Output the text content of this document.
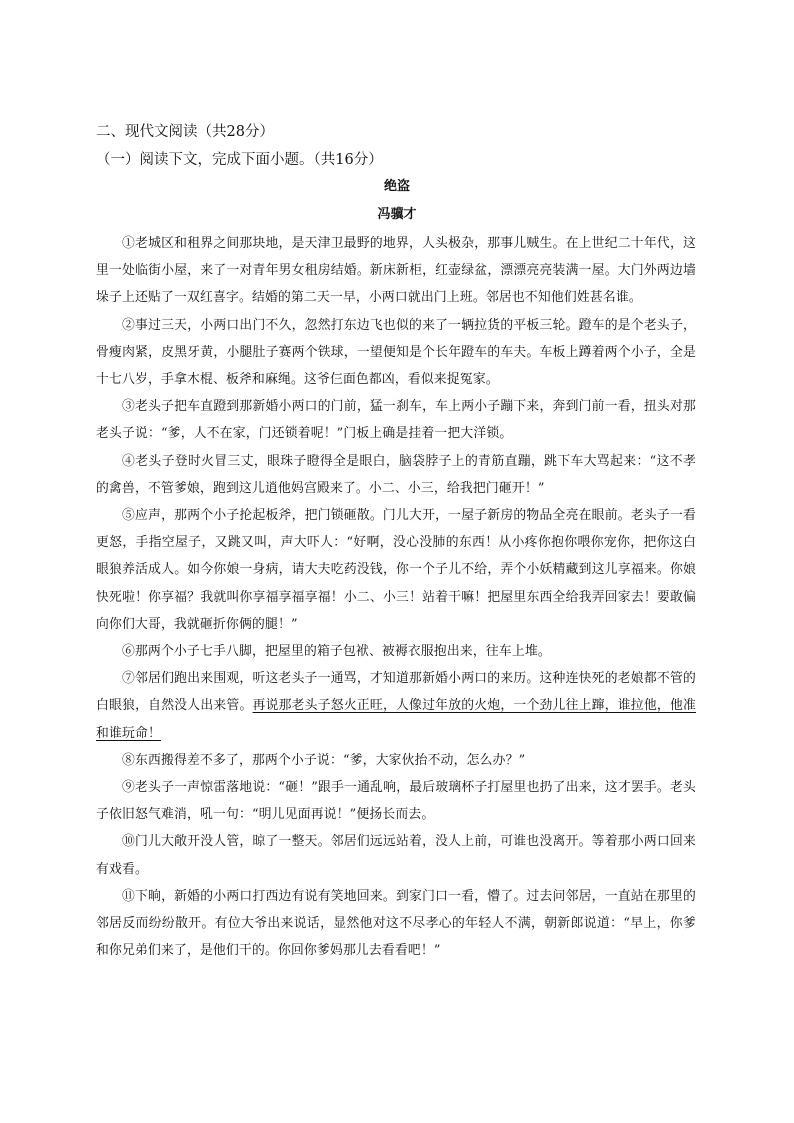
二、现代文阅读（共28分）
（一）阅读下文，完成下面小题。（共16分）
绝盗
冯骥才

①老城区和租界之间那块地，是天津卫最野的地界，人头极杂，那事儿贼生。在上世纪二十年代，这里一处临街小屋，来了一对青年男女租房结婚。新床新柜，红壶绿盆，漂漂亮亮装满一屋。大门外两边墙垛子上还贴了一双红喜字。结婚的第二天一早，小两口就出门上班。邻居也不知他们姓甚名谁。

②事过三天，小两口出门不久，忽然打东边飞也似的来了一辆拉货的平板三轮。蹬车的是个老头子，骨瘦肉紧，皮黑牙黄，小腿肚子赛两个铁球，一望便知是个长年蹬车的车夫。车板上蹲着两个小子，全是十七八岁，手拿木棍、板斧和麻绳。这爷仨面色都凶，看似来捉冤家。

③老头子把车直蹬到那新婚小两口的门前，猛一刹车，车上两小子蹦下来，奔到门前一看，扭头对那老头子说：“爹，人不在家，门还锁着呢！”门板上确是挂着一把大洋锁。

④老头子登时火冒三丈，眼珠子瞪得全是眼白，脑袋脖子上的青筋直蹦，跳下车大骂起来：“这不孝的禽兽，不管爹娘，跑到这儿逍他妈宫殿来了。小二、小三，给我把门砸开！”

⑤应声，那两个小子抡起板斧，把门锁砸散。门儿大开，一屋子新房的物品全亮在眼前。老头子一看更怒，手指空屋子，又跳又叫，声大吓人：“好啊，没心没肺的东西！从小疼你抱你喂你宠你，把你这白眼狼养活成人。如今你娘一身病，请大夫吃药没钱，你一个子儿不给，弄个小妖精藏到这儿享福来。你娘快死啦！你享福？我就叫你享福享福享福！小二、小三！站着干嘛！把屋里东西全给我弄回家去！要敢偏向你们大哥，我就砸折你俩的腿！”

⑥那两个小子七手八脚，把屋里的箱子包袱、被褥衣服抱出来，往车上堆。

⑦邻居们跑出来围观，听这老头子一通骂，才知道那新婚小两口的来历。这种连快死的老娘都不管的白眼狼，自然没人出来管。再说那老头子怒火正旺，人像过年放的火炮，一个劲儿往上蹿，谁拉他，他准和谁玩命！

⑧东西搬得差不多了，那两个小子说：“爹，大家伙抬不动，怎么办？”

⑨老头子一声惊雷落地说：“砸！”跟手一通乱响，最后玻璃杯子打屋里也扔了出来，这才罢手。老头子依旧怒气难消，吼一句：“明儿见面再说！”便扬长而去。

⑩门儿大敞开没人管，晾了一整天。邻居们远远站着，没人上前，可谁也没离开。等着那小两口回来有戏看。

⑪下晌，新婚的小两口打西边有说有笑地回来。到家门口一看，懵了。过去问邻居，一直站在那里的邻居反而纷纷散开。有位大爷出来说话，显然他对这不尽孝心的年轻人不满，朝新郎说道：“早上，你爹和你兄弟们来了，是他们干的。你回你爹妈那儿去看看吧！”
